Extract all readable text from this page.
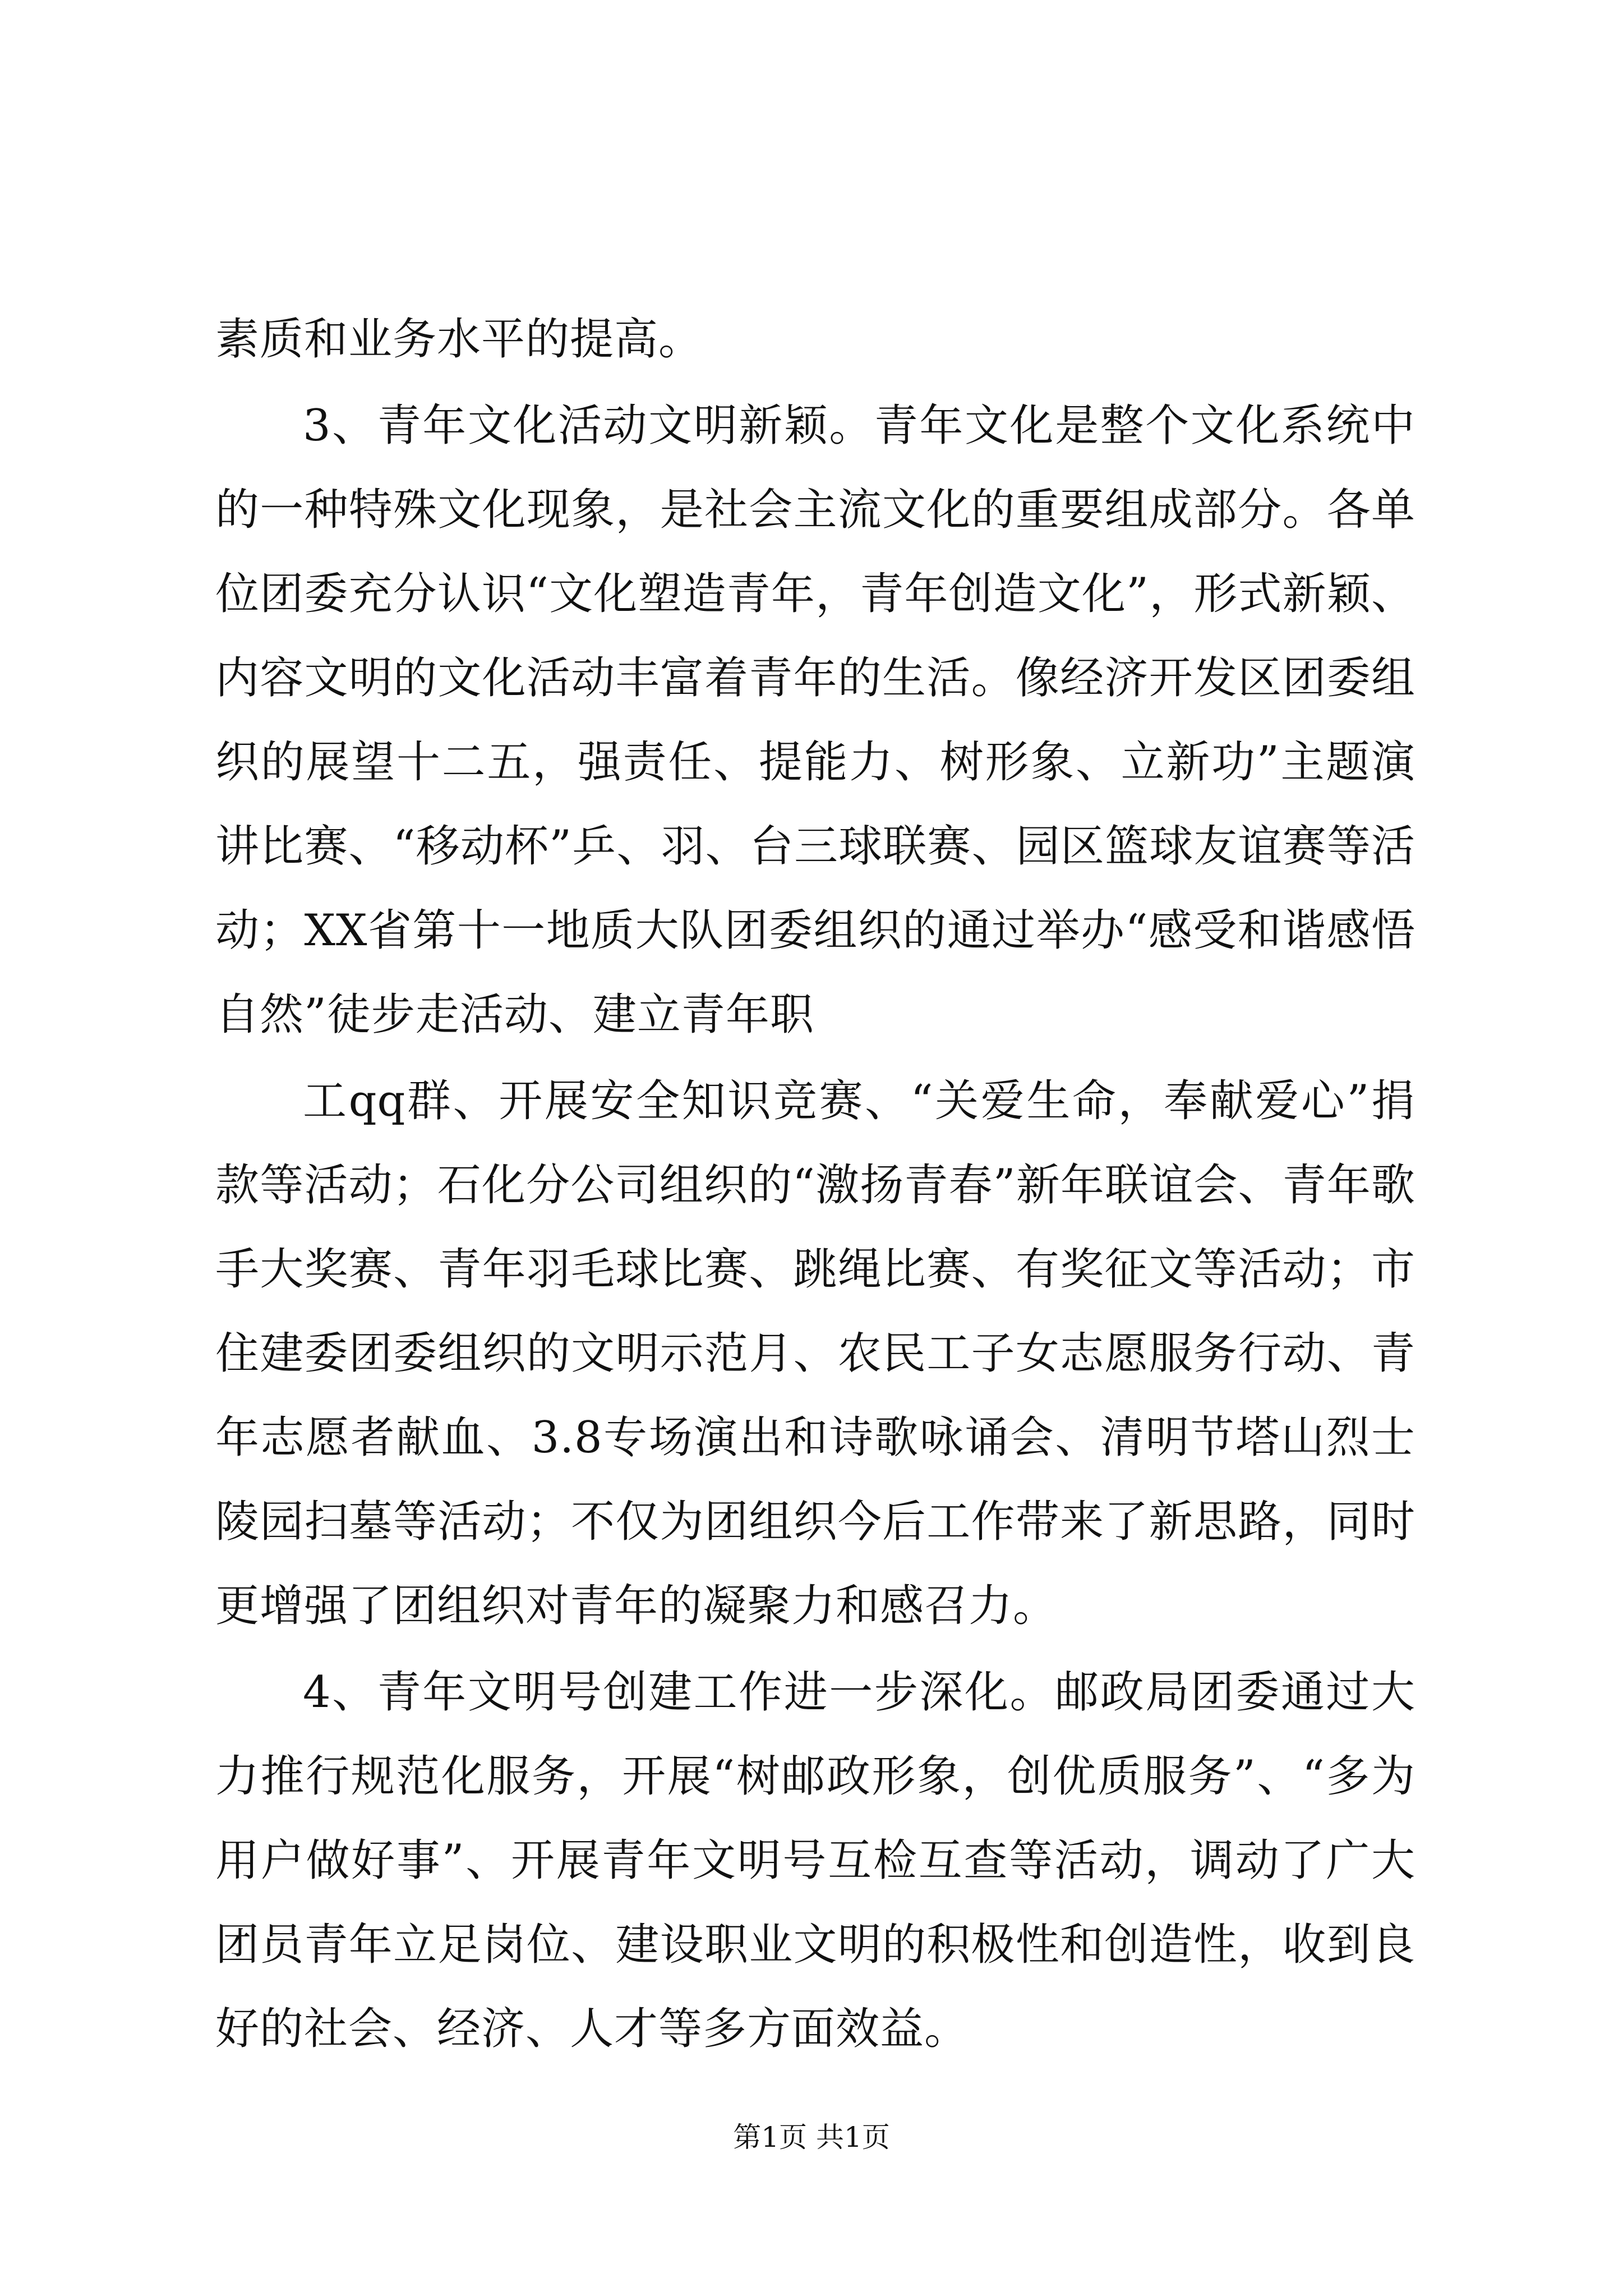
素质和业务水平的提高。

3、青年文化活动文明新颖。青年文化是整个文化系统中的一种特殊文化现象，是社会主流文化的重要组成部分。各单位团委充分认识“文化塑造青年，青年创造文化”，形式新颖、内容文明的文化活动丰富着青年的生活。像经济开发区团委组织的展望十二五，强责任、提能力、树形象、立新功”主题演讲比赛、“移动杯”乒、羽、台三球联赛、园区篮球友谊赛等活动；XX省第十一地质大队团委组织的通过举办“感受和谐感悟自然”徒步走活动、建立青年职

工qq群、开展安全知识竞赛、“关爱生命，奉献爱心”捐款等活动；石化分公司组织的“激扬青春”新年联谊会、青年歌手大奖赛、青年羽毛球比赛、跳绳比赛、有奖征文等活动；市住建委团委组织的文明示范月、农民工子女志愿服务行动、青年志愿者献血、3.8专场演出和诗歌咏诵会、清明节塔山烈士陵园扫墓等活动；不仅为团组织今后工作带来了新思路，同时更增强了团组织对青年的凝聚力和感召力。

4、青年文明号创建工作进一步深化。邮政局团委通过大力推行规范化服务，开展“树邮政形象，创优质服务”、“多为用户做好事”、开展青年文明号互检互查等活动，调动了广大团员青年立足岗位、建设职业文明的积极性和创造性，收到良好的社会、经济、人才等多方面效益。

第1页 共1页
